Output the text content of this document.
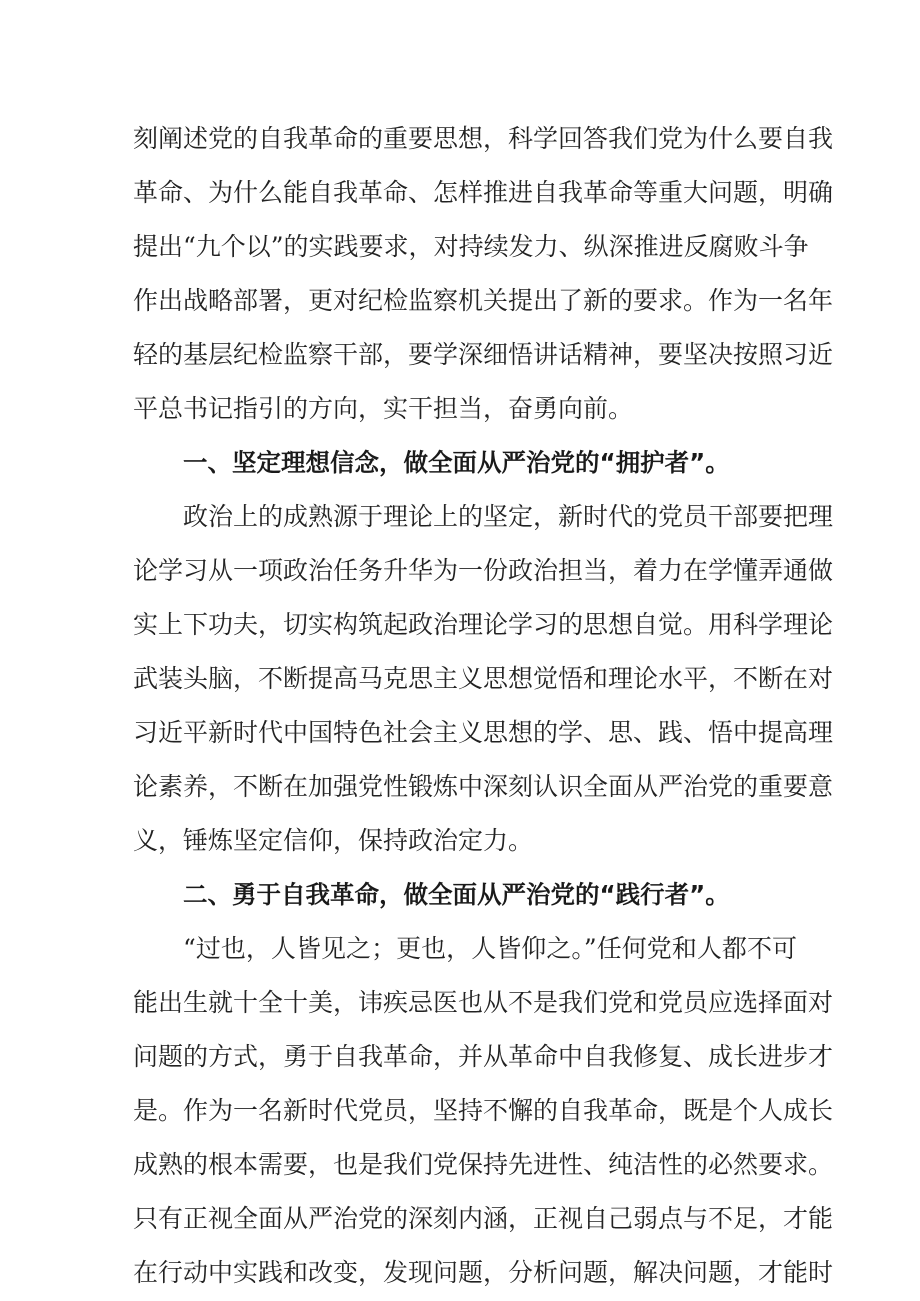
刻阐述党的自我革命的重要思想，科学回答我们党为什么要自我
革命、为什么能自我革命、怎样推进自我革命等重大问题，明确
提出“九个以”的实践要求，对持续发力、纵深推进反腐败斗争
作出战略部署，更对纪检监察机关提出了新的要求。作为一名年
轻的基层纪检监察干部，要学深细悟讲话精神，要坚决按照习近
平总书记指引的方向，实干担当，奋勇向前。
一、坚定理想信念，做全面从严治党的“拥护者”。
政治上的成熟源于理论上的坚定，新时代的党员干部要把理
论学习从一项政治任务升华为一份政治担当，着力在学懂弄通做
实上下功夫，切实构筑起政治理论学习的思想自觉。用科学理论
武装头脑，不断提高马克思主义思想觉悟和理论水平，不断在对
习近平新时代中国特色社会主义思想的学、思、践、悟中提高理
论素养，不断在加强党性锻炼中深刻认识全面从严治党的重要意
义，锤炼坚定信仰，保持政治定力。
二、勇于自我革命，做全面从严治党的“践行者”。
“过也，人皆见之；更也，人皆仰之。”任何党和人都不可
能出生就十全十美，讳疾忌医也从不是我们党和党员应选择面对
问题的方式，勇于自我革命，并从革命中自我修复、成长进步才
是。作为一名新时代党员，坚持不懈的自我革命，既是个人成长
成熟的根本需要，也是我们党保持先进性、纯洁性的必然要求。
只有正视全面从严治党的深刻内涵，正视自己弱点与不足，才能
在行动中实践和改变，发现问题，分析问题，解决问题，才能时
